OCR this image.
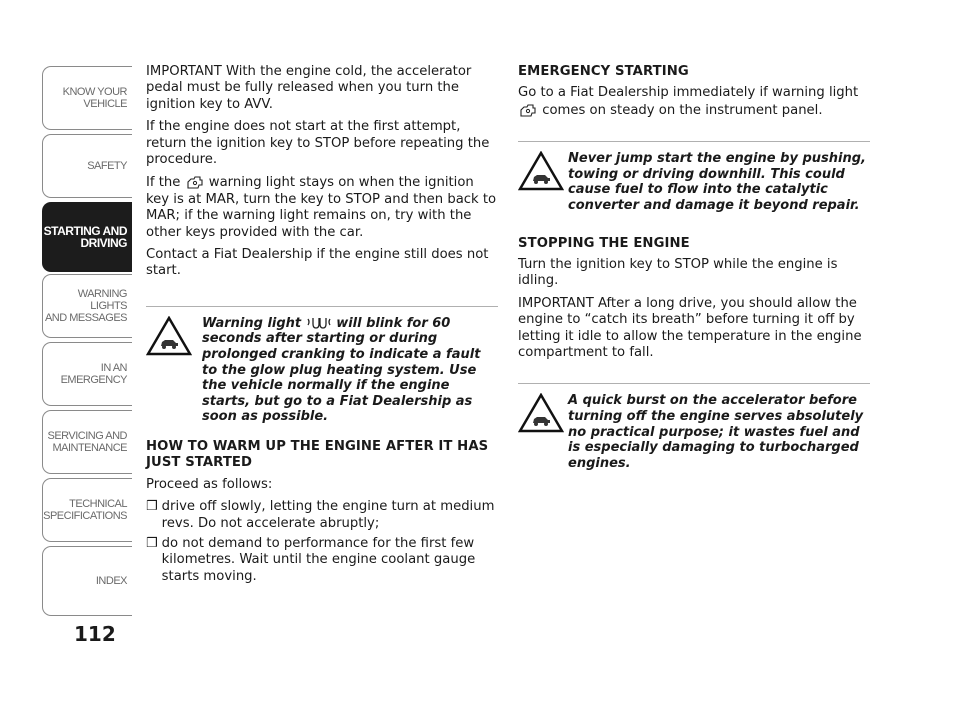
KNOW YOUR
VEHICLE
SAFETY
STARTING AND
DRIVING
WARNING LIGHTS
AND MESSAGES
IN AN EMERGENCY
SERVICING AND
MAINTENANCE
TECHNICAL
SPECIFICATIONS
INDEX
112

IMPORTANT With the engine cold, the accelerator pedal must be fully released when you turn the ignition key to AVV.

If the engine does not start at the first attempt, return the ignition key to STOP before repeating the procedure.

If the warning light stays on when the ignition key is at MAR, turn the key to STOP and then back to MAR; if the warning light remains on, try with the other keys provided with the car.

Contact a Fiat Dealership if the engine still does not start.

Warning light	will blink for 60 seconds after starting or during prolonged cranking to indicate a fault to the glow plug heating system. Use the vehicle normally if the engine starts, but go to a Fiat Dealership as soon as possible.
HOW TO WARM UP THE ENGINE AFTER IT HAS JUST STARTED

Proceed as follows:

❒ drive off slowly, letting the engine turn at medium revs. Do not accelerate abruptly;
❒ do not demand to performance for the first few kilometres. Wait until the engine coolant gauge starts moving.
EMERGENCY STARTING

Go to a Fiat Dealership immediately if warning light  comes on steady on the instrument panel.

Never jump start the engine by pushing, towing or driving downhill. This could cause fuel to flow into the catalytic converter and damage it beyond repair.
STOPPING THE ENGINE

Turn the ignition key to STOP while the engine is idling.

IMPORTANT After a long drive, you should allow the engine to “catch its breath” before turning it off by letting it idle to allow the temperature in the engine compartment to fall.

A quick burst on the accelerator before turning off the engine serves absolutely no practical purpose; it wastes fuel and is especially damaging to turbocharged engines.
